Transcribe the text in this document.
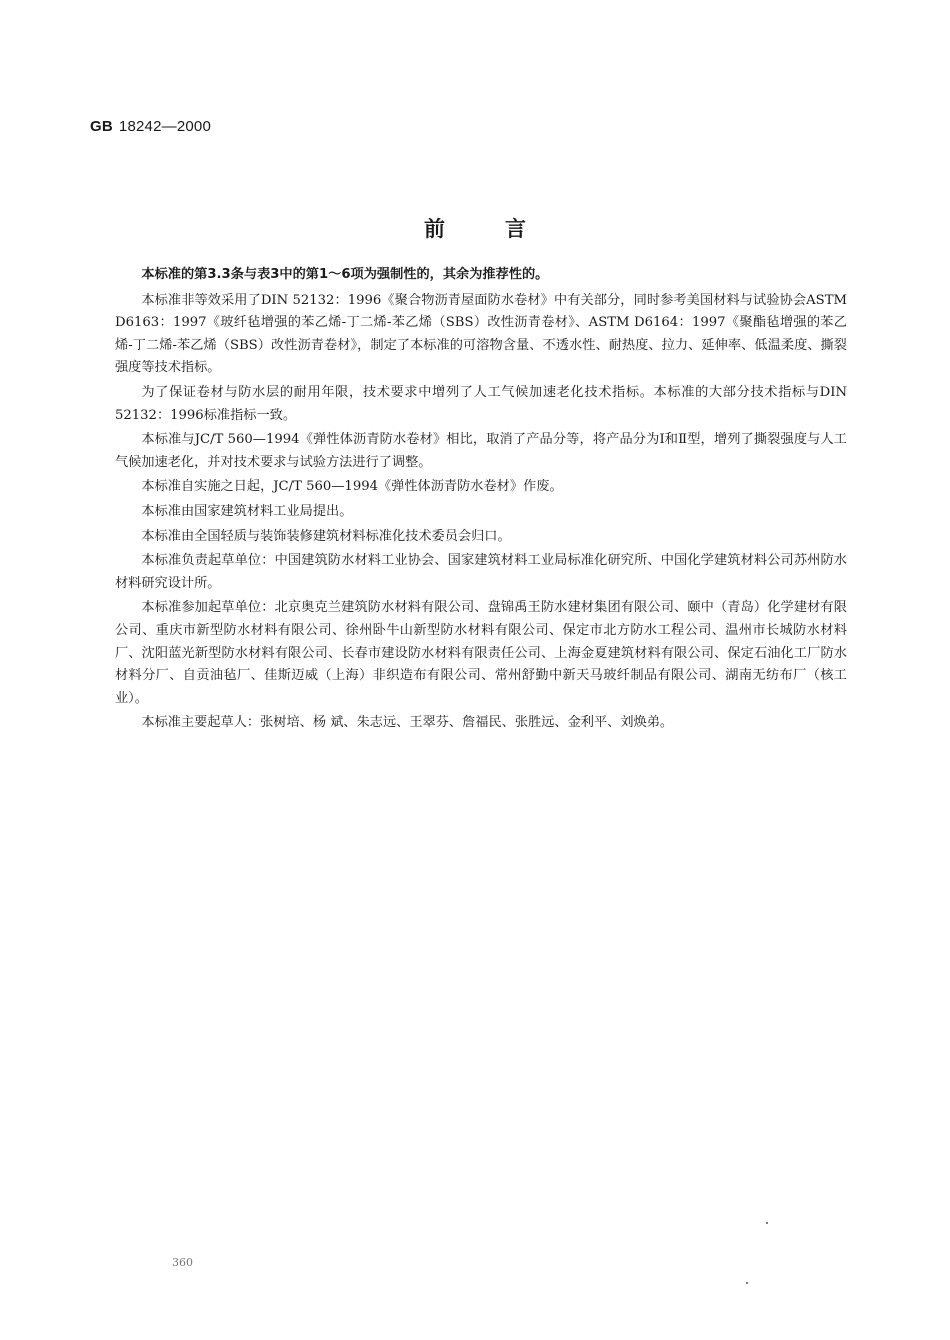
GB 18242—2000
前言

本标准的第3.3条与表3中的第1～6项为强制性的，其余为推荐性的。

本标准非等效采用了DIN 52132：1996《聚合物沥青屋面防水卷材》中有关部分，同时参考美国材料与试验协会ASTM D6163：1997《玻纤毡增强的苯乙烯-丁二烯-苯乙烯（SBS）改性沥青卷材》、ASTM D6164：1997《聚酯毡增强的苯乙烯-丁二烯-苯乙烯（SBS）改性沥青卷材》，制定了本标准的可溶物含量、不透水性、耐热度、拉力、延伸率、低温柔度、撕裂强度等技术指标。

为了保证卷材与防水层的耐用年限，技术要求中增列了人工气候加速老化技术指标。本标准的大部分技术指标与DIN 52132：1996标准指标一致。

本标准与JC/T 560—1994《弹性体沥青防水卷材》相比，取消了产品分等，将产品分为Ⅰ和Ⅱ型，增列了撕裂强度与人工气候加速老化，并对技术要求与试验方法进行了调整。

本标准自实施之日起，JC/T 560—1994《弹性体沥青防水卷材》作废。

本标准由国家建筑材料工业局提出。

本标准由全国轻质与装饰装修建筑材料标准化技术委员会归口。

本标准负责起草单位：中国建筑防水材料工业协会、国家建筑材料工业局标准化研究所、中国化学建筑材料公司苏州防水材料研究设计所。

本标准参加起草单位：北京奥克兰建筑防水材料有限公司、盘锦禹王防水建材集团有限公司、颐中（青岛）化学建材有限公司、重庆市新型防水材料有限公司、徐州卧牛山新型防水材料有限公司、保定市北方防水工程公司、温州市长城防水材料厂、沈阳蓝光新型防水材料有限公司、长春市建设防水材料有限责任公司、上海金夏建筑材料有限公司、保定石油化工厂防水材料分厂、自贡油毡厂、佳斯迈威（上海）非织造布有限公司、常州舒勤中新天马玻纤制品有限公司、湖南无纺布厂（核工业）。

本标准主要起草人：张树培、杨 斌、朱志远、王翠芬、詹福民、张胜远、金利平、刘焕弟。

360
